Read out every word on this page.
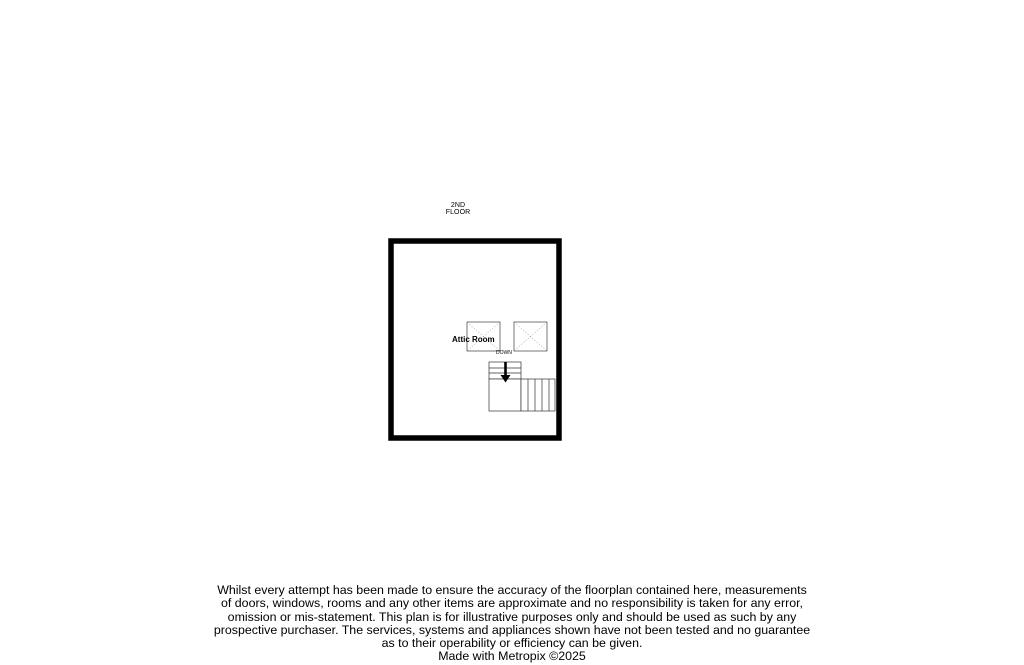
2ND FLOOR
Attic Room
DOWN
Whilst every attempt has been made to ensure the accuracy of the floorplan contained here, measurements of doors, windows, rooms and any other items are approximate and no responsibility is taken for any error, omission or mis-statement. This plan is for illustrative purposes only and should be used as such by any prospective purchaser. The services, systems and appliances shown have not been tested and no guarantee as to their operability or efficiency can be given.
Made with Metropix ©2025
